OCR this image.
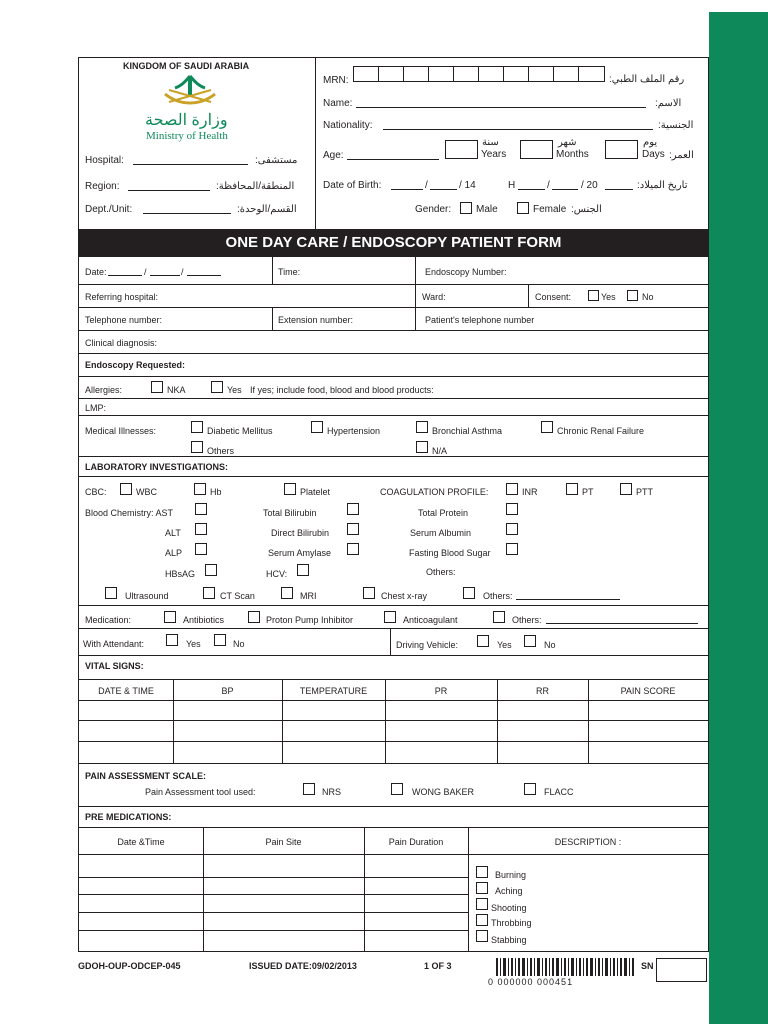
KINGDOM OF SAUDI ARABIA
وزارة الصحة
Ministry of Health
Hospital:	مستشفى:
Region:	المنطقة/المحافظة:
Dept./Unit:	القسم/الوحدة:
MRN:	رقم الملف الطبي:
Name:	الاسم:
Nationality:	الجنسية:
Age:
سنة
Years
شهر
Months
يوم
Days العمر:
Date of Birth:	/	/ 14	H	/	/ 20	تاريخ الميلاد:
Gender: Male	Female الجنس:
ONE DAY CARE / ENDOSCOPY PATIENT FORM
Date:	/	/	Time:	Endoscopy Number:
Referring hospital:	Ward:	Consent:	Yes	No
Telephone number:	Extension number:	Patient's telephone number
Clinical diagnosis:
Endoscopy Requested:
Allergies:	NKA	Yes If yes; include food, blood and blood products:
LMP:
Medical Illnesses:	Diabetic Mellitus	Hypertension	Bronchial Asthma	Chronic Renal Failure
Others	N/A
LABORATORY INVESTIGATIONS:
CBC:	WBC	Hb	Platelet	COAGULATION PROFILE:	INR	PT	PTT
Blood Chemistry: AST	Total Bilirubin	Total Protein
ALT	Direct Bilirubin	Serum Albumin
ALP	Serum Amylase	Fasting Blood Sugar
HBsAG	HCV:	Others:
Ultrasound	CT Scan	MRI	Chest x-ray	Others:
Medication:	Antibiotics	Proton Pump Inhibitor	Anticoagulant	Others:
With Attendant:	Yes	No	Driving Vehicle:	Yes	No
VITAL SIGNS:
DATE & TIME	BP	TEMPERATURE	PR	RR	PAIN SCORE
PAIN ASSESSMENT SCALE:
Pain Assessment tool used:	NRS	WONG BAKER	FLACC
PRE MEDICATIONS:
Date &Time	Pain Site	Pain Duration	DESCRIPTION :
Burning
Aching
Shooting
Throbbing
Stabbing
GDOH-OUP-ODCEP-045	ISSUED DATE:09/02/2013	1 OF 3
0 000000 000451
SN
